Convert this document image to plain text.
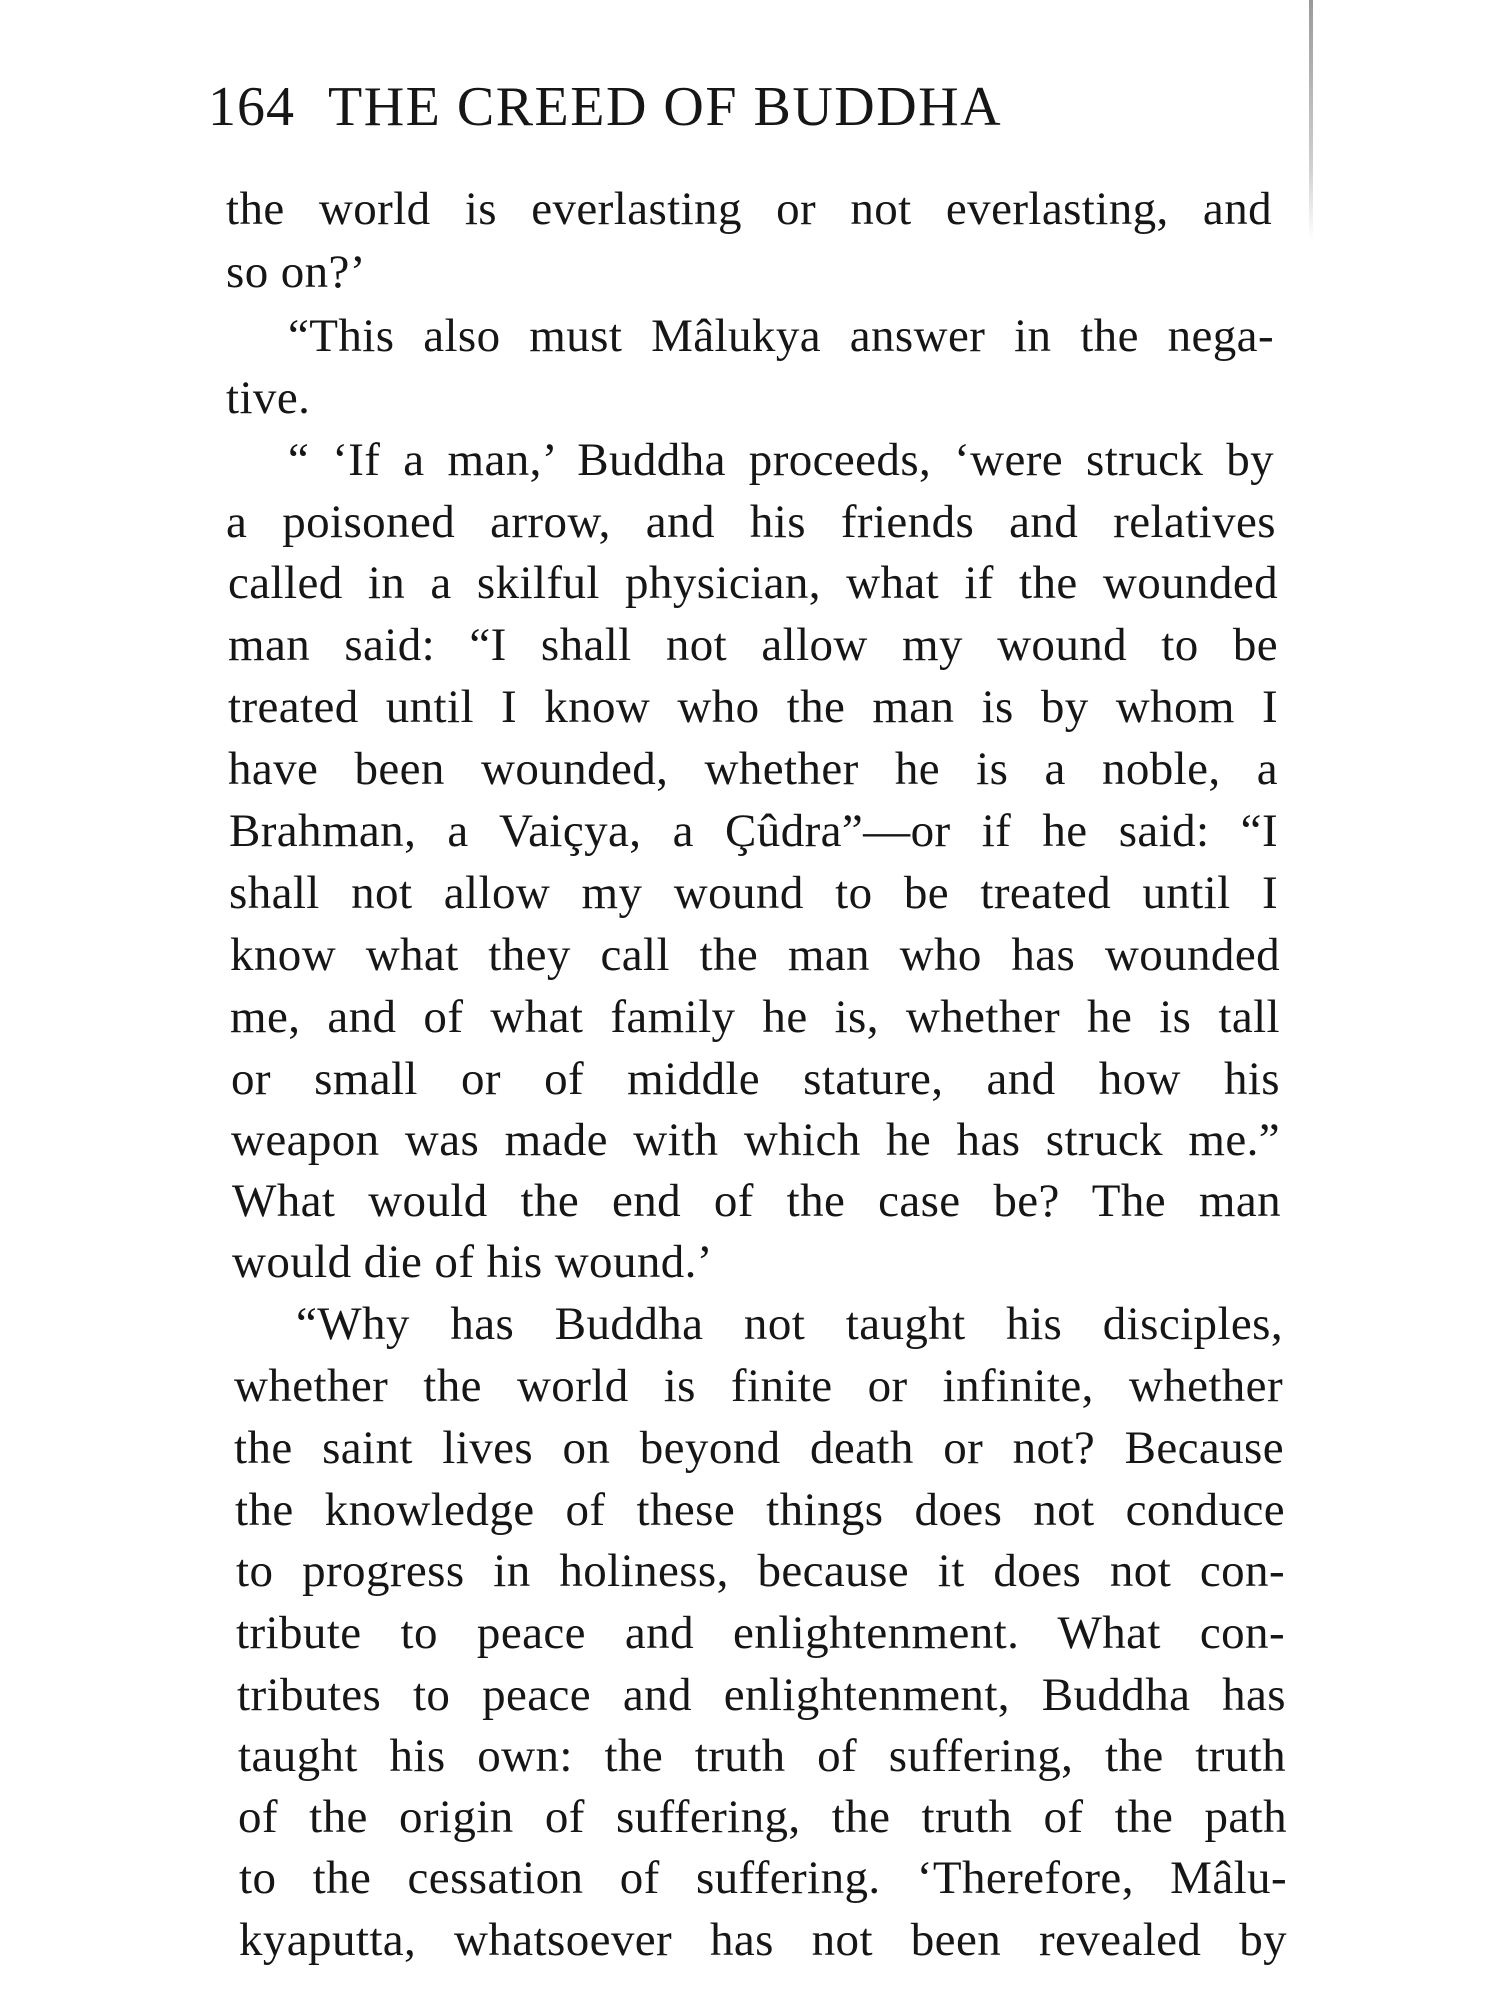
164 THE CREED OF BUDDHA
the world is everlasting or not everlasting, and
so on?’
“This also must Mâlukya answer in the nega-
tive.
“ ‘If a man,’ Buddha proceeds, ‘were struck by
a poisoned arrow, and his friends and relatives
called in a skilful physician, what if the wounded
man said: “I shall not allow my wound to be
treated until I know who the man is by whom I
have been wounded, whether he is a noble, a
Brahman, a Vaiçya, a Çûdra”—or if he said: “I
shall not allow my wound to be treated until I
know what they call the man who has wounded
me, and of what family he is, whether he is tall
or small or of middle stature, and how his
weapon was made with which he has struck me.”
What would the end of the case be? The man
would die of his wound.’
“Why has Buddha not taught his disciples,
whether the world is finite or infinite, whether
the saint lives on beyond death or not? Because
the knowledge of these things does not conduce
to progress in holiness, because it does not con-
tribute to peace and enlightenment. What con-
tributes to peace and enlightenment, Buddha has
taught his own: the truth of suffering, the truth
of the origin of suffering, the truth of the path
to the cessation of suffering. ‘Therefore, Mâlu-
kyaputta, whatsoever has not been revealed by
